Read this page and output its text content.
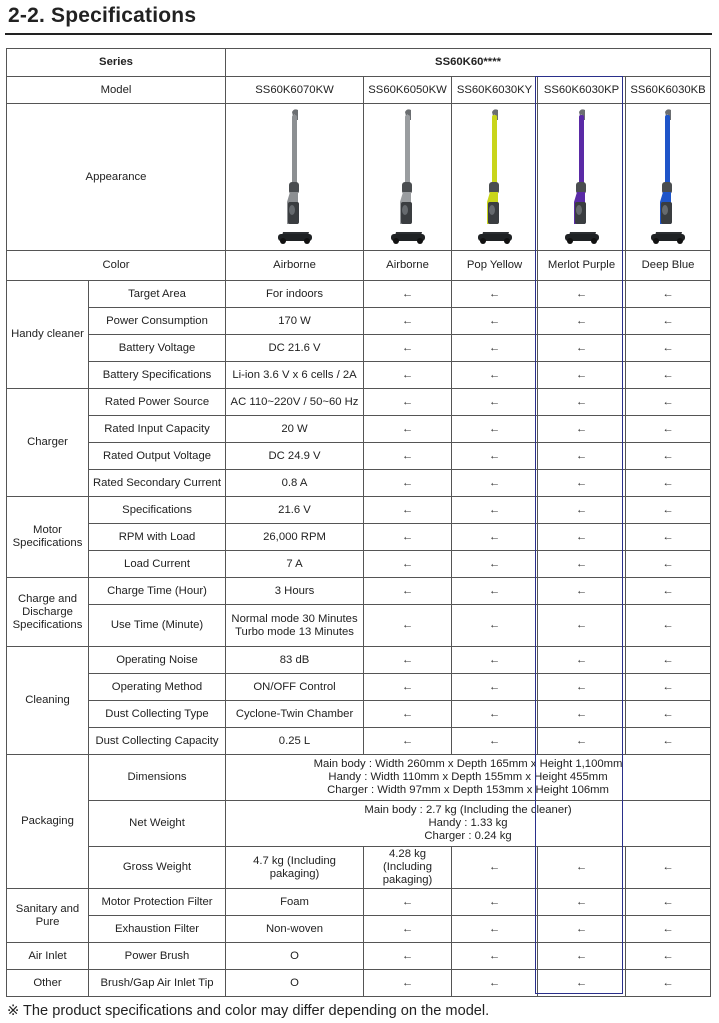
2-2. Specifications
Series		SS60K60****				
Model		SS60K6070KW	SS60K6050KW	SS60K6030KY	SS60K6030KP	SS60K6030KB
Appearance	

Color		Airborne	Airborne	Pop Yellow	Merlot Purple	Deep Blue
Handy cleaner	Target Area	For indoors	←	←	←	←
	Power Consumption	170 W	←	←	←	←
	Battery Voltage	DC 21.6 V	←	←	←	←
	Battery Specifications	Li-ion 3.6 V x 6 cells / 2A	←	←	←	←
Charger	Rated Power Source	AC 110~220V / 50~60 Hz	←	←	←	←
	Rated Input Capacity	20 W	←	←	←	←
	Rated Output Voltage	DC 24.9 V	←	←	←	←
	Rated Secondary Current	0.8 A	←	←	←	←
Motor
Specifications	Specifications	21.6 V	←	←	←	←
	RPM with Load	26,000 RPM	←	←	←	←
	Load Current	7 A	←	←	←	←
Charge and
Discharge
Specifications	Charge Time (Hour)	3 Hours	←	←	←	←
	Use Time (Minute)	Normal mode 30 Minutes
Turbo mode 13 Minutes	←	←	←	←
Cleaning	Operating Noise	83 dB	←	←	←	←
	Operating Method	ON/OFF Control	←	←	←	←
	Dust Collecting Type	Cyclone-Twin Chamber	←	←	←	←
	Dust Collecting Capacity	0.25 L	←	←	←	←
Packaging	Dimensions	Main body : Width 260mm x Depth 165mm x Height 1,100mm
Handy : Width 110mm x Depth 155mm x Height 455mm
Charger : Width 97mm x Depth 153mm x Height 106mm				
	Net Weight	Main body : 2.7 kg (Including the cleaner)
Handy : 1.33 kg
Charger : 0.24 kg				
	Gross Weight	4.7 kg (Including
pakaging)	4.28 kg
(Including
pakaging)	←	←	←
Sanitary and
Pure	Motor Protection Filter	Foam	←	←	←	←
	Exhaustion Filter	Non-woven	←	←	←	←
Air Inlet	Power Brush	O	←	←	←	←
Other	Brush/Gap Air Inlet Tip	O	←	←	←	←
※ The product specifications and color may differ depending on the model.
